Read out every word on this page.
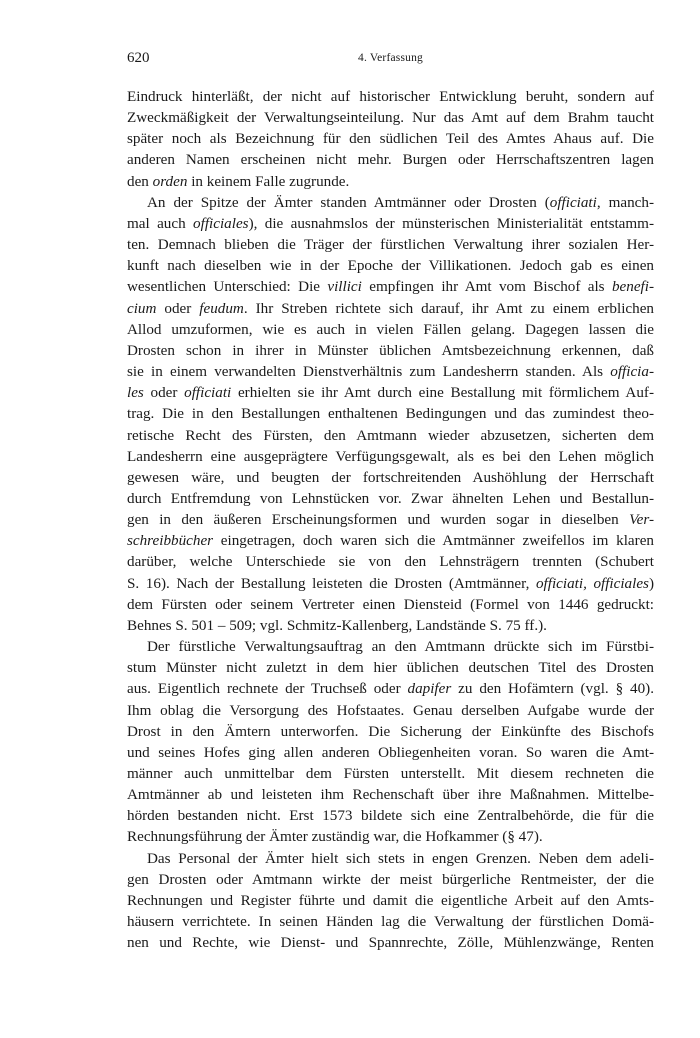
620	4. Verfassung
Eindruck hinterläßt, der nicht auf historischer Entwicklung beruht, sondern auf
Zweckmäßigkeit der Verwaltungseinteilung. Nur das Amt auf dem Brahm taucht
später noch als Bezeichnung für den südlichen Teil des Amtes Ahaus auf. Die
anderen Namen erscheinen nicht mehr. Burgen oder Herrschaftszentren lagen
den orden in keinem Falle zugrunde.
An der Spitze der Ämter standen Amtmänner oder Drosten (officiati, manch-
mal auch officiales), die ausnahmslos der münsterischen Ministerialität entstamm-
ten. Demnach blieben die Träger der fürstlichen Verwaltung ihrer sozialen Her-
kunft nach dieselben wie in der Epoche der Villikationen. Jedoch gab es einen
wesentlichen Unterschied: Die villici empfingen ihr Amt vom Bischof als benefi-
cium oder feudum. Ihr Streben richtete sich darauf, ihr Amt zu einem erblichen
Allod umzuformen, wie es auch in vielen Fällen gelang. Dagegen lassen die
Drosten schon in ihrer in Münster üblichen Amtsbezeichnung erkennen, daß
sie in einem verwandelten Dienstverhältnis zum Landesherrn standen. Als officia-
les oder officiati erhielten sie ihr Amt durch eine Bestallung mit förmlichem Auf-
trag. Die in den Bestallungen enthaltenen Bedingungen und das zumindest theo-
retische Recht des Fürsten, den Amtmann wieder abzusetzen, sicherten dem
Landesherrn eine ausgeprägtere Verfügungsgewalt, als es bei den Lehen möglich
gewesen wäre, und beugten der fortschreitenden Aushöhlung der Herrschaft
durch Entfremdung von Lehnstücken vor. Zwar ähnelten Lehen und Bestallun-
gen in den äußeren Erscheinungsformen und wurden sogar in dieselben Ver-
schreibbücher eingetragen, doch waren sich die Amtmänner zweifellos im klaren
darüber, welche Unterschiede sie von den Lehnsträgern trennten (Schubert
S. 16). Nach der Bestallung leisteten die Drosten (Amtmänner, officiati, officiales)
dem Fürsten oder seinem Vertreter einen Diensteid (Formel von 1446 gedruckt:
Behnes S. 501 – 509; vgl. Schmitz-Kallenberg, Landstände S. 75 ff.).
Der fürstliche Verwaltungsauftrag an den Amtmann drückte sich im Fürstbi-
stum Münster nicht zuletzt in dem hier üblichen deutschen Titel des Drosten
aus. Eigentlich rechnete der Truchseß oder dapifer zu den Hofämtern (vgl. § 40).
Ihm oblag die Versorgung des Hofstaates. Genau derselben Aufgabe wurde der
Drost in den Ämtern unterworfen. Die Sicherung der Einkünfte des Bischofs
und seines Hofes ging allen anderen Obliegenheiten voran. So waren die Amt-
männer auch unmittelbar dem Fürsten unterstellt. Mit diesem rechneten die
Amtmänner ab und leisteten ihm Rechenschaft über ihre Maßnahmen. Mittelbe-
hörden bestanden nicht. Erst 1573 bildete sich eine Zentralbehörde, die für die
Rechnungsführung der Ämter zuständig war, die Hofkammer (§ 47).
Das Personal der Ämter hielt sich stets in engen Grenzen. Neben dem adeli-
gen Drosten oder Amtmann wirkte der meist bürgerliche Rentmeister, der die
Rechnungen und Register führte und damit die eigentliche Arbeit auf den Amts-
häusern verrichtete. In seinen Händen lag die Verwaltung der fürstlichen Domä-
nen und Rechte, wie Dienst- und Spannrechte, Zölle, Mühlenzwänge, Renten
